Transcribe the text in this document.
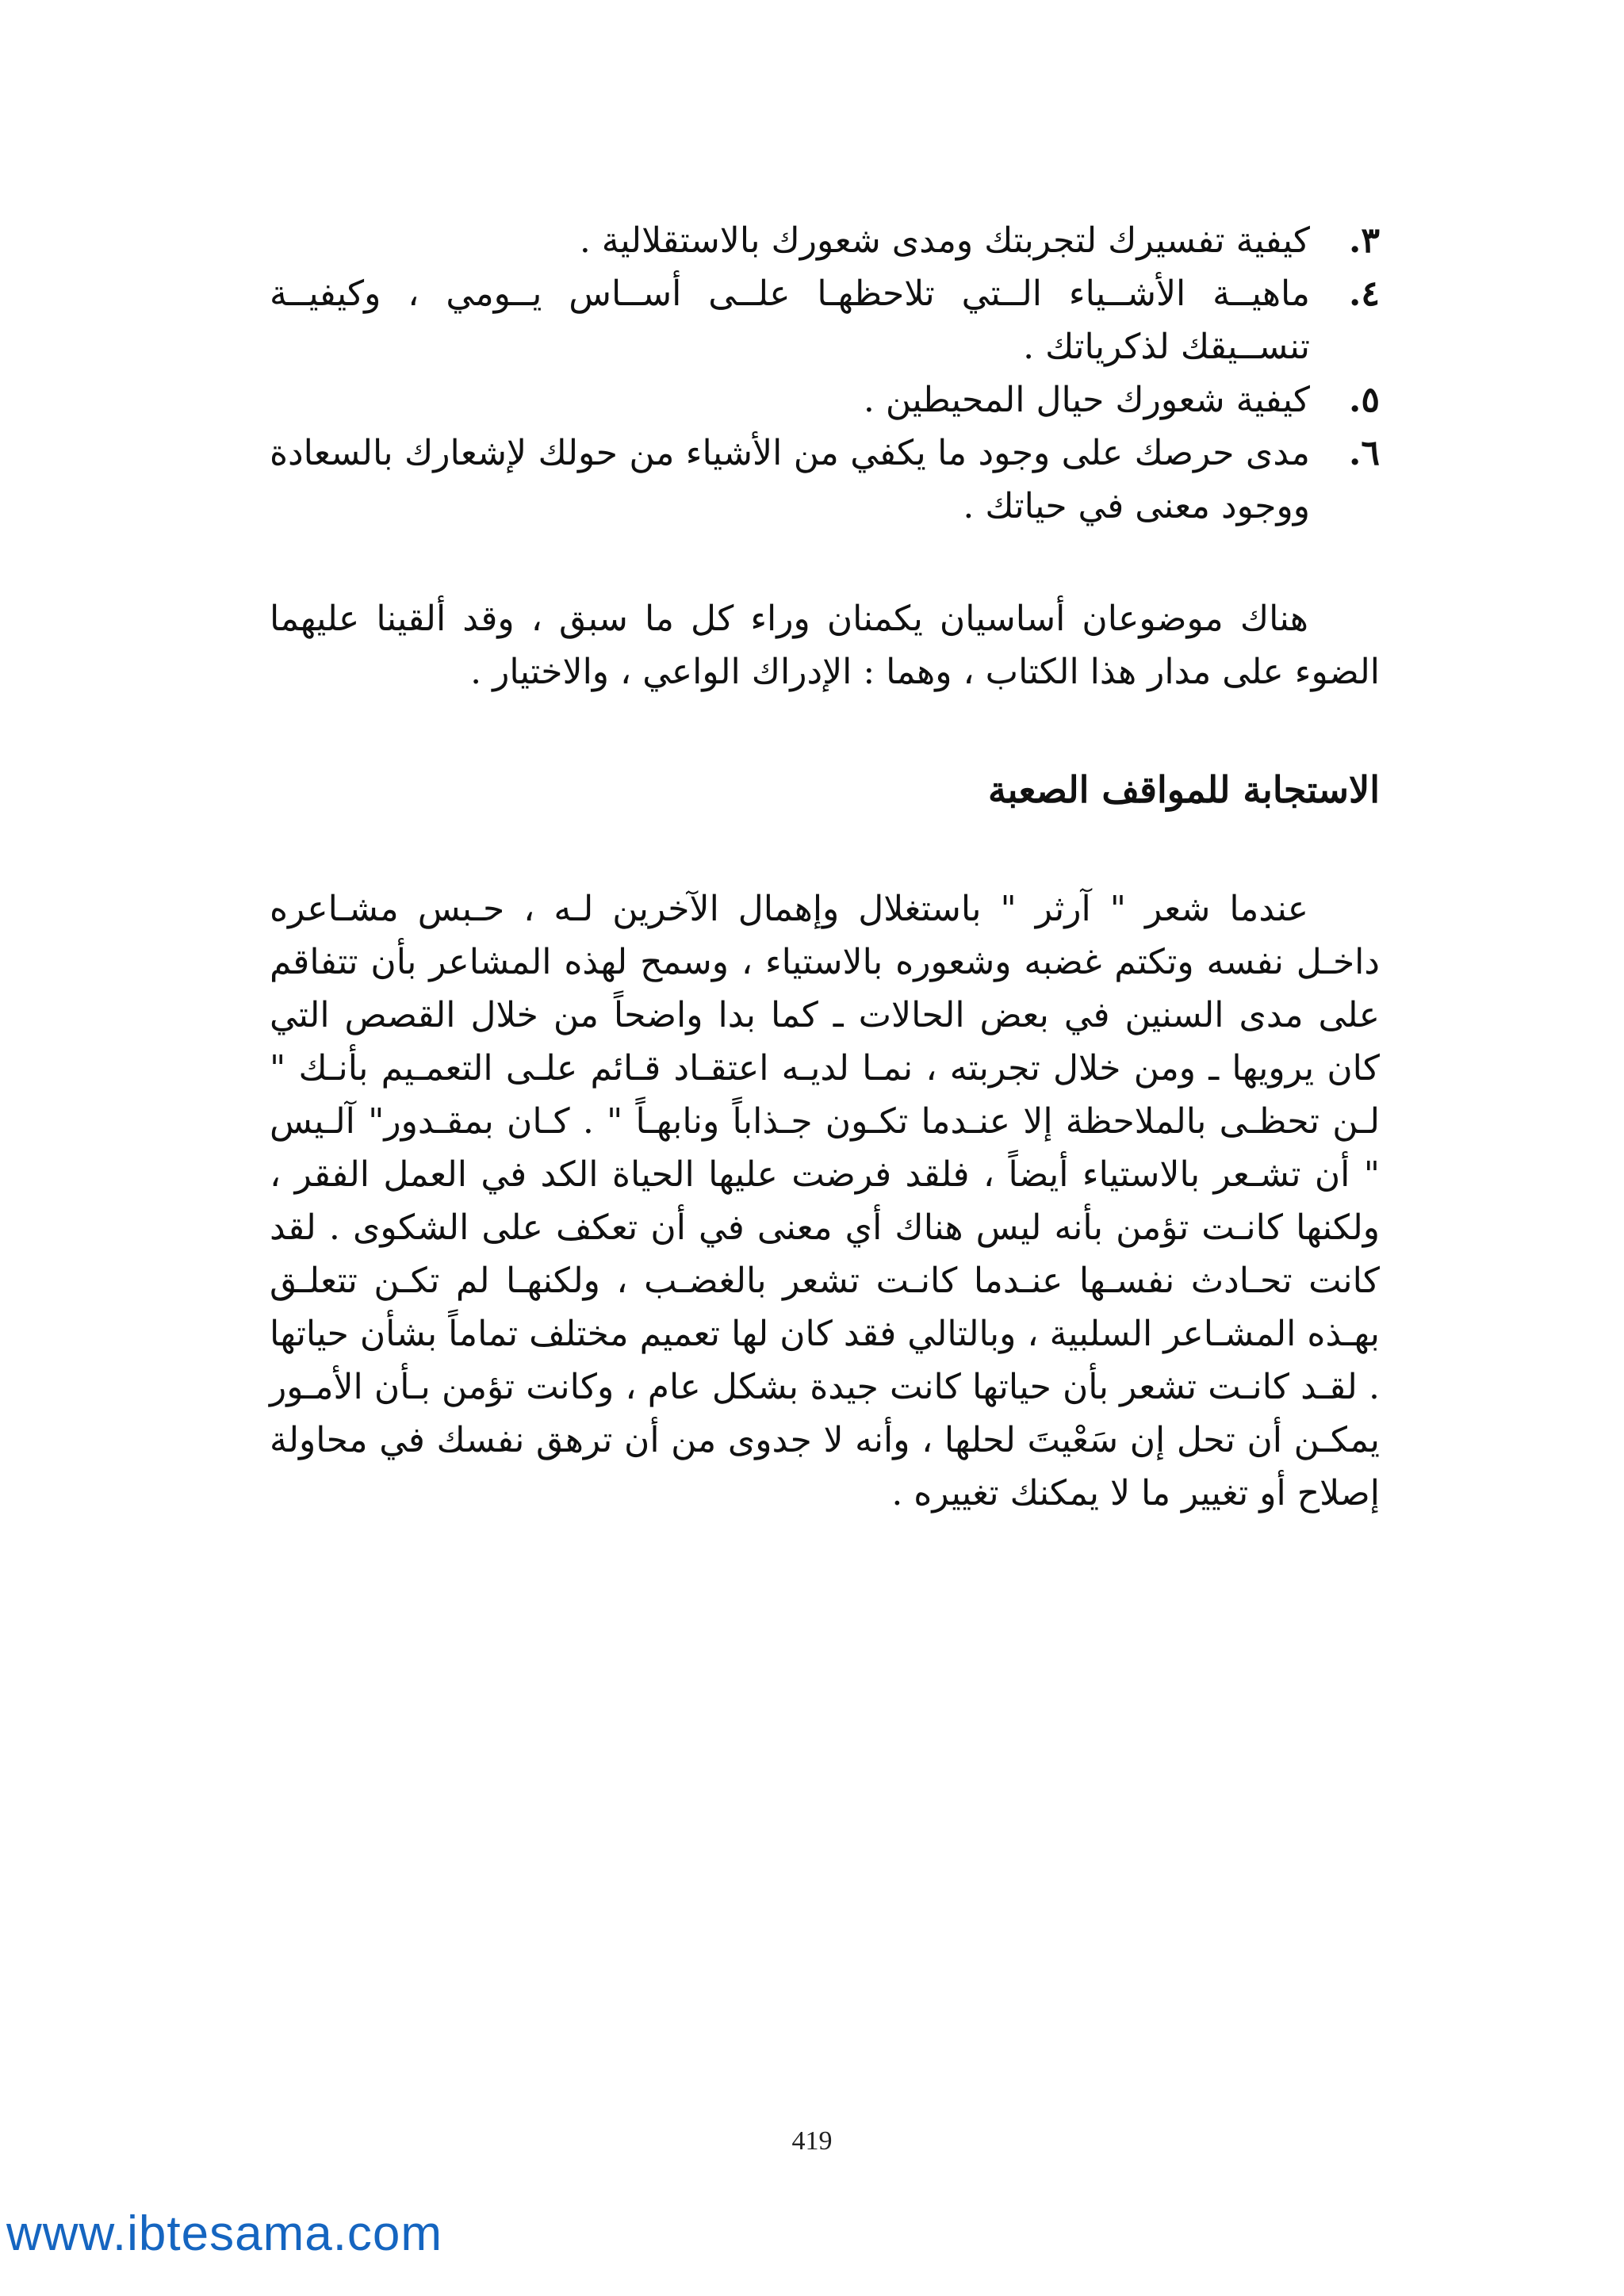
٣.
كيفية تفسيرك لتجربتك ومدى شعورك بالاستقلالية .
٤.
ماهيــة الأشــياء الــتي تلاحظهـا علــى أســاس يــومي ، وكيفيــة تنســيقك لذكرياتك .
٥.
كيفية شعورك حيال المحيطين .
٦.
مدى حرصك على وجود ما يكفي من الأشياء من حولك لإشعارك بالسعادة ووجود معنى في حياتك .

هناك موضوعان أساسيان يكمنان وراء كل ما سبق ، وقد ألقينا عليهما الضوء على مدار هذا الكتاب ، وهما : الإدراك الواعي ، والاختيار .

الاستجابة للمواقف الصعبة

عندما شعر " آرثر " باستغلال وإهمال الآخرين لـه ، حـبس مشـاعره داخـل نفسه وتكتم غضبه وشعوره بالاستياء ، وسمح لهذه المشاعر بأن تتفاقم على مدى السنين في بعض الحالات ـ كما بدا واضحاً من خلال القصص التي كان يرويها ـ ومن خلال تجربته ، نمـا لديـه اعتقـاد قـائم علـى التعمـيم بأنـك " لـن تحظـى بالملاحظة إلا عنـدما تكـون جـذاباً ونابهـاً " . كـان بمقـدور" آلـيس " أن تشـعر بالاستياء أيضاً ، فلقد فرضت عليها الحياة الكد في العمل الفقر ، ولكنها كانـت تؤمن بأنه ليس هناك أي معنى في أن تعكف على الشكوى . لقد كانت تحـادث نفسـها عنـدما كانـت تشعر بالغضـب ، ولكنهـا لم تكـن تتعلـق بهـذه المشـاعر السلبية ، وبالتالي فقد كان لها تعميم مختلف تماماً بشأن حياتها . لقـد كانـت تشعر بأن حياتها كانت جيدة بشكل عام ، وكانت تؤمن بـأن الأمـور يمكـن أن تحل إن سَعْيتَ لحلها ، وأنه لا جدوى من أن ترهق نفسك في محاولة إصلاح أو تغيير ما لا يمكنك تغييره .

419
www.ibtesama.com
